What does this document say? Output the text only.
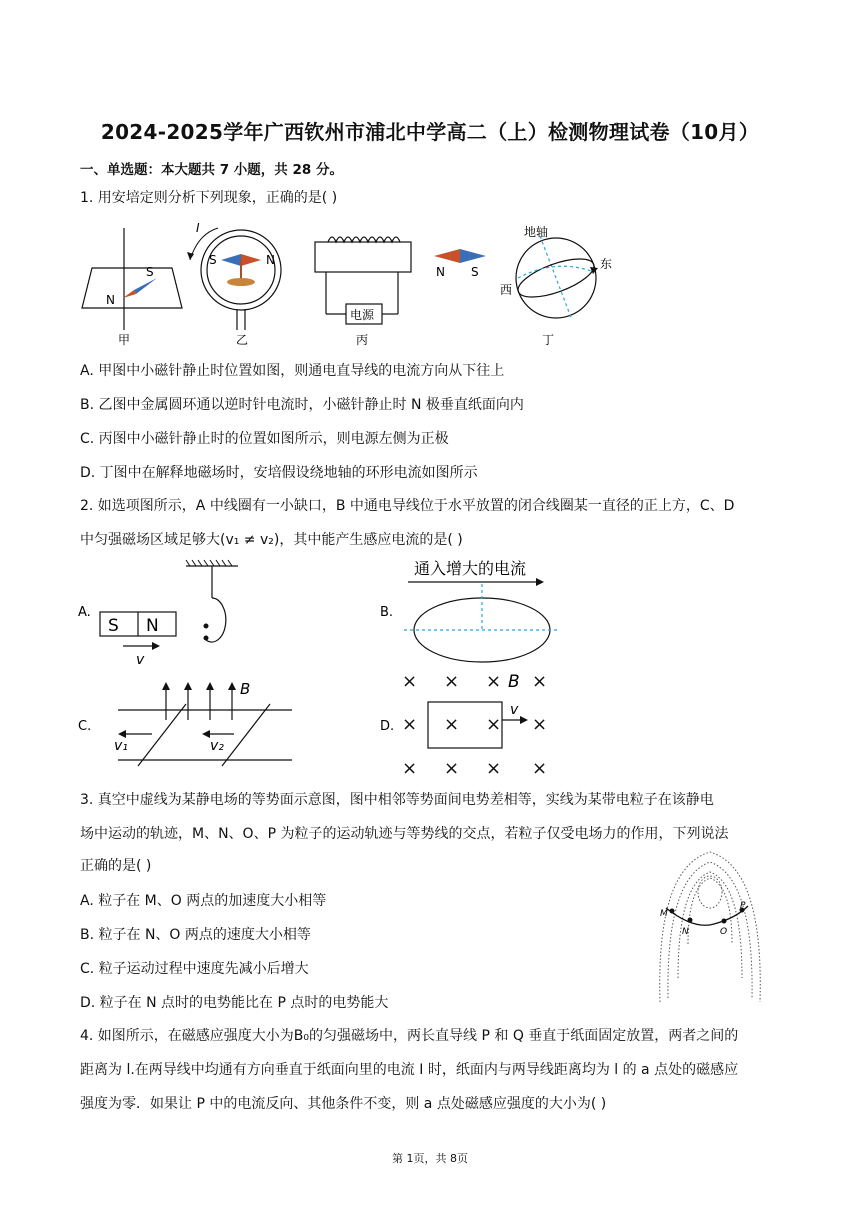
2024-2025学年广西钦州市浦北中学高二（上）检测物理试卷（10月）
一、单选题：本大题共 7 小题，共 28 分。
1. 用安培定则分析下列现象，正确的是( )
S
N
甲
I
S	N
乙
电源
N S
丙
地轴
东
西
丁
A. 甲图中小磁针静止时位置如图，则通电直导线的电流方向从下往上
B. 乙图中金属圆环通以逆时针电流时，小磁针静止时 N 极垂直纸面向内
C. 丙图中小磁针静止时的位置如图所示，则电源左侧为正极
D. 丁图中在解释地磁场时，安培假设绕地轴的环形电流如图所示
2. 如选项图所示，A 中线圈有一小缺口，B 中通电导线位于水平放置的闭合线圈某一直径的正上方，C、D
中匀强磁场区域足够大(v₁ ≠ v₂)，其中能产生感应电流的是( )
A.
S N
v
B.
通入增大的电流
C.
B
v₁	v₂
D.
× × × ×
× × × ×
× × × ×
B
v
3. 真空中虚线为某静电场的等势面示意图，图中相邻等势面间电势差相等，实线为某带电粒子在该静电
场中运动的轨迹，M、N、O、P 为粒子的运动轨迹与等势线的交点，若粒子仅受电场力的作用，下列说法
正确的是( )
A. 粒子在 M、O 两点的加速度大小相等
B. 粒子在 N、O 两点的速度大小相等
C. 粒子运动过程中速度先减小后增大
D. 粒子在 N 点时的电势能比在 P 点时的电势能大
M
N	O
P
4. 如图所示，在磁感应强度大小为B₀的匀强磁场中，两长直导线 P 和 Q 垂直于纸面固定放置，两者之间的
距离为 l.在两导线中均通有方向垂直于纸面向里的电流 I 时，纸面内与两导线距离均为 l 的 a 点处的磁感应
强度为零．如果让 P 中的电流反向、其他条件不变，则 a 点处磁感应强度的大小为( )
第 1页，共 8页
